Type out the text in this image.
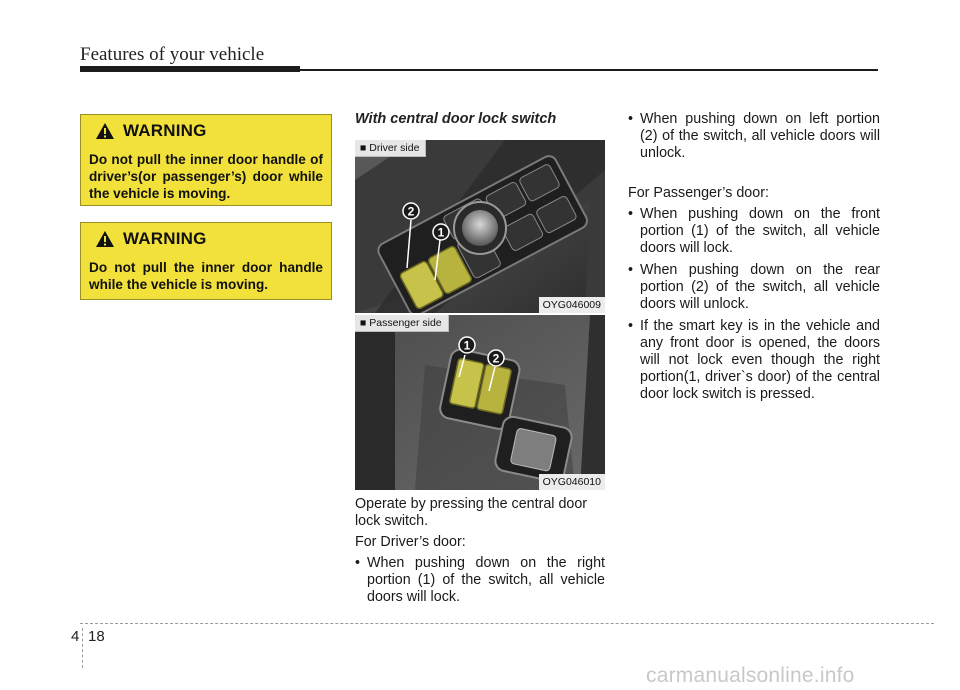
Features of your vehicle
WARNING
Do not pull the inner door handle of driver’s(or passenger’s) door while the vehicle is moving.
WARNING
Do not pull the inner door handle while the vehicle is moving.
With central door lock switch
2
1
■ Driver side
OYG046009
1
2
■ Passenger side
OYG046010
Operate by pressing the central door lock switch.
For Driver’s door:
• When pushing down on the right portion (1) of the switch, all vehicle doors will lock.
• When pushing down on left portion (2) of the switch, all vehicle doors will unlock.
For Passenger’s door:
• When pushing down on the front portion (1) of the switch, all vehicle doors will lock.
• When pushing down on the rear portion (2) of the switch, all vehicle doors will unlock.
• If the smart key is in the vehicle and any front door is opened, the doors will not lock even though the right portion(1, driver`s door) of the central door lock switch is pressed.
4 18
carmanualsonline.info
